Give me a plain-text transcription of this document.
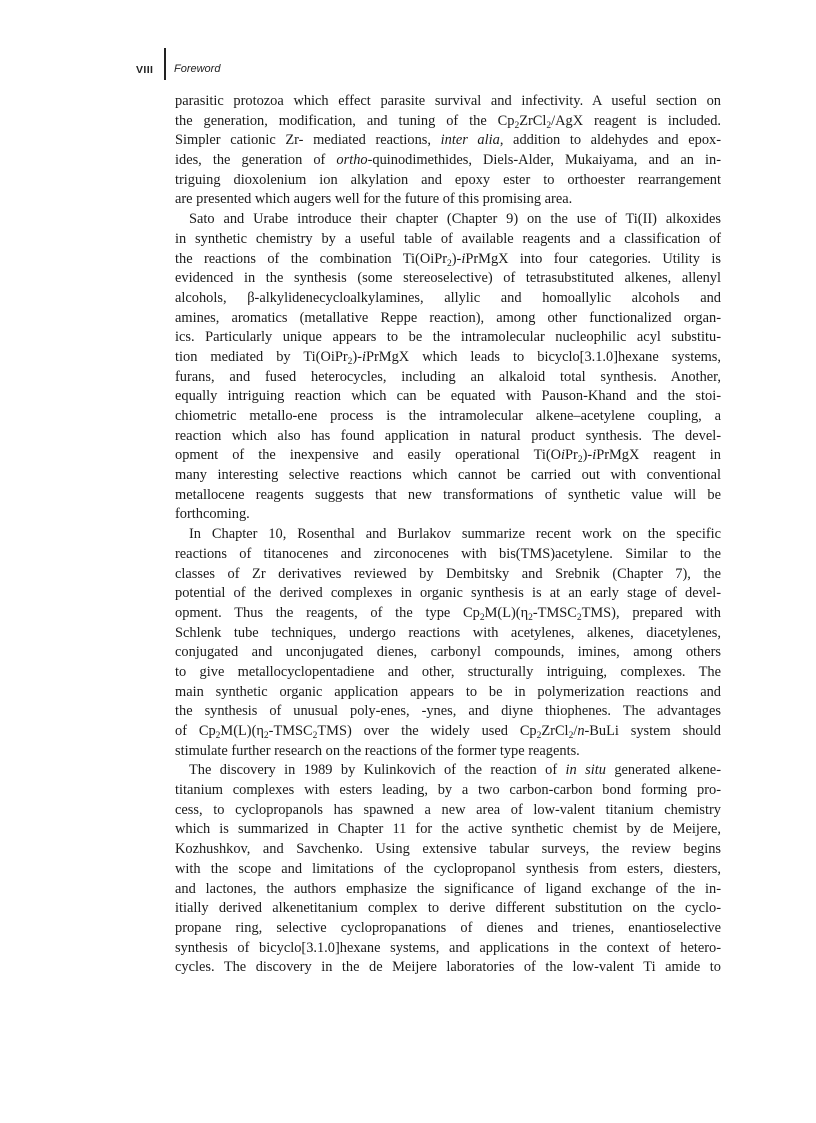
VIII Foreword
parasitic protozoa which effect parasite survival and infectivity. A useful section on
the generation, modification, and tuning of the $Cp_2ZrCl_2$/AgX reagent is included.
Simpler cationic Zr- mediated reactions, inter alia, addition to aldehydes and epox-
ides, the generation of ortho-quinodimethides, Diels-Alder, Mukaiyama, and an in-
triguing dioxolenium ion alkylation and epoxy ester to orthoester rearrangement
are presented which augers well for the future of this promising area.
Sato and Urabe introduce their chapter (Chapter 9) on the use of Ti(II) alkoxides
in synthetic chemistry by a useful table of available reagents and a classification of
the reactions of the combination Ti(OiPr$_2$)-iPrMgX into four categories. Utility is
evidenced in the synthesis (some stereoselective) of tetrasubstituted alkenes, allenyl
alcohols, β-alkylidenecycloalkylamines, allylic and homoallylic alcohols and
amines, aromatics (metallative Reppe reaction), among other functionalized organ-
ics. Particularly unique appears to be the intramolecular nucleophilic acyl substitu-
tion mediated by Ti(OiPr$_2$)-iPrMgX which leads to bicyclo[3.1.0]hexane systems,
furans, and fused heterocycles, including an alkaloid total synthesis. Another,
equally intriguing reaction which can be equated with Pauson-Khand and the stoi-
chiometric metallo-ene process is the intramolecular alkene–acetylene coupling, a
reaction which also has found application in natural product synthesis. The devel-
opment of the inexpensive and easily operational Ti(OiPr$_2$)-iPrMgX reagent in
many interesting selective reactions which cannot be carried out with conventional
metallocene reagents suggests that new transformations of synthetic value will be
forthcoming.
In Chapter 10, Rosenthal and Burlakov summarize recent work on the specific
reactions of titanocenes and zirconocenes with bis(TMS)acetylene. Similar to the
classes of Zr derivatives reviewed by Dembitsky and Srebnik (Chapter 7), the
potential of the derived complexes in organic synthesis is at an early stage of devel-
opment. Thus the reagents, of the type $Cp_2M(L)(\eta_2-TMSC_2TMS)$, prepared with
Schlenk tube techniques, undergo reactions with acetylenes, alkenes, diacetylenes,
conjugated and unconjugated dienes, carbonyl compounds, imines, among others
to give metallocyclopentadiene and other, structurally intriguing, complexes. The
main synthetic organic application appears to be in polymerization reactions and
the synthesis of unusual poly-enes, -ynes, and diyne thiophenes. The advantages
of $Cp_2M(L)(\eta_2-TMSC_2TMS)$ over the widely used $Cp_2ZrCl_2/n$-BuLi system should
stimulate further research on the reactions of the former type reagents.
The discovery in 1989 by Kulinkovich of the reaction of in situ generated alkene-
titanium complexes with esters leading, by a two carbon-carbon bond forming pro-
cess, to cyclopropanols has spawned a new area of low-valent titanium chemistry
which is summarized in Chapter 11 for the active synthetic chemist by de Meijere,
Kozhushkov, and Savchenko. Using extensive tabular surveys, the review begins
with the scope and limitations of the cyclopropanol synthesis from esters, diesters,
and lactones, the authors emphasize the significance of ligand exchange of the in-
itially derived alkenetitanium complex to derive different substitution on the cyclo-
propane ring, selective cyclopropanations of dienes and trienes, enantioselective
synthesis of bicyclo[3.1.0]hexane systems, and applications in the context of hetero-
cycles. The discovery in the de Meijere laboratories of the low-valent Ti amide to
